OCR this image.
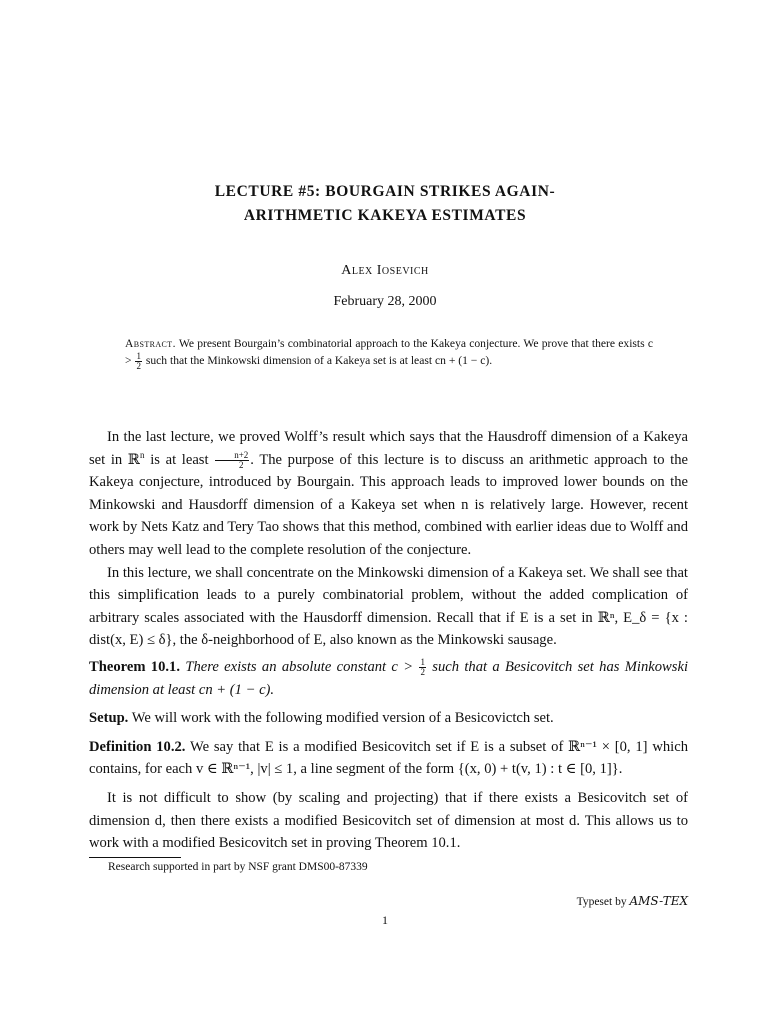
LECTURE #5: BOURGAIN STRIKES AGAIN-
ARITHMETIC KAKEYA ESTIMATES
Alex Iosevich
February 28, 2000
Abstract. We present Bourgain’s combinatorial approach to the Kakeya conjecture. We prove that there exists $c > \frac{1}{2}$ such that the Minkowski dimension of a Kakeya set is at least cn + (1 − c).

In the last lecture, we proved Wolff’s result which says that the Hausdroff dimension of a Kakeya set in ℝ$^n$ is at least $\frac{n+2}{2}$ . The purpose of this lecture is to discuss an arithmetic approach to the Kakeya conjecture, introduced by Bourgain. This approach leads to improved lower bounds on the Minkowski and Hausdorff dimension of a Kakeya set when n is relatively large. However, recent work by Nets Katz and Tery Tao shows that this method, combined with earlier ideas due to Wolff and others may well lead to the complete resolution of the conjecture.

In this lecture, we shall concentrate on the Minkowski dimension of a Kakeya set. We shall see that this simplification leads to a purely combinatorial problem, without the added complication of arbitrary scales associated with the Hausdorff dimension. Recall that if E is a set in ℝⁿ, E_δ = {x : dist(x, E) ≤ δ}, the δ-neighborhood of E, also known as the Minkowski sausage.

Theorem 10.1. There exists an absolute constant $c > \frac{1}{2}$ such that a Besicovitch set has Minkowski dimension at least cn + (1 − c).

Setup. We will work with the following modified version of a Besicovictch set.

Definition 10.2. We say that E is a modified Besicovitch set if E is a subset of ℝⁿ⁻¹ × [0, 1] which contains, for each v ∈ ℝⁿ⁻¹, |v| ≤ 1, a line segment of the form {(x, 0) + t(v, 1) : t ∈ [0, 1]}.

It is not difficult to show (by scaling and projecting) that if there exists a Besicovitch set of dimension d, then there exists a modified Besicovitch set of dimension at most d. This allows us to work with a modified Besicovitch set in proving Theorem 10.1.

Research supported in part by NSF grant DMS00-87339
Typeset by AMS-TEX
1
